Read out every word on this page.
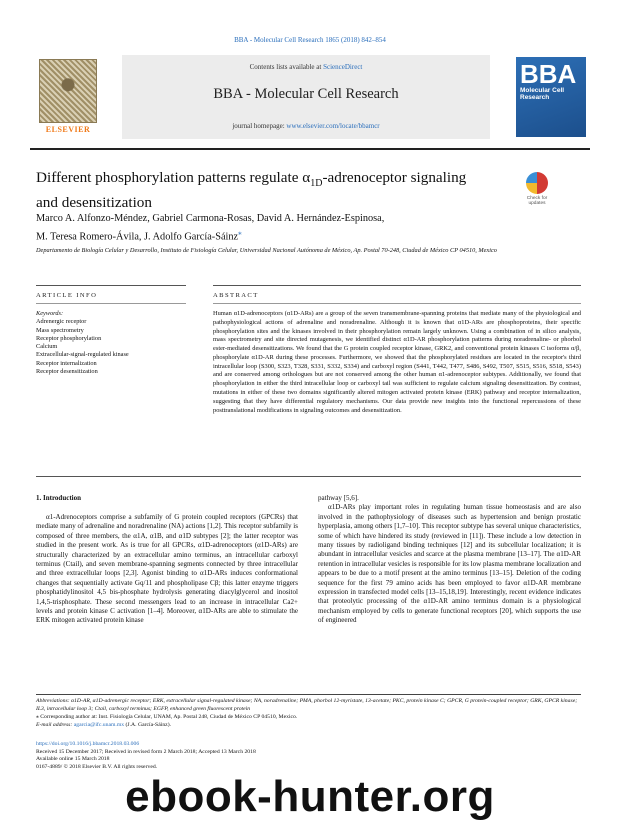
BBA - Molecular Cell Research 1865 (2018) 842–854
ELSEVIER
Contents lists available at ScienceDirect
BBA - Molecular Cell Research
journal homepage: www.elsevier.com/locate/bbamcr
BBA
Molecular Cell Research
Different phosphorylation patterns regulate $\alpha_{1D}$-adrenoceptor signaling and desensitization	Check for updates
Marco A. Alfonzo-Méndez, Gabriel Carmona-Rosas, David A. Hernández-Espinosa,
M. Teresa Romero-Ávila, J. Adolfo García-Sáinz⁎
Departamento de Biología Celular y Desarrollo, Instituto de Fisiología Celular, Universidad Nacional Autónoma de México, Ap. Postal 70-248, Ciudad de México CP 04510, Mexico
ARTICLE INFO	ABSTRACT
Keywords:
Adrenergic receptor
Mass spectrometry
Receptor phosphorylation
Calcium
Extracellular-signal-regulated kinase
Receptor internalization
Receptor desensitization
Human α1D-adrenoceptors (α1D-ARs) are a group of the seven transmembrane-spanning proteins that mediate many of the physiological and pathophysiological actions of adrenaline and noradrenaline. Although it is known that α1D-ARs are phosphoproteins, their specific phosphorylation sites and the kinases involved in their phosphorylation remain largely unknown. Using a combination of in silico analysis, mass spectrometry and site directed mutagenesis, we identified distinct α1D-AR phosphorylation patterns during noradrenaline- or phorbol ester-mediated desensitizations. We found that the G protein coupled receptor kinase, GRK2, and conventional protein kinases C isoforms α/β, phosphorylate α1D-AR during these processes. Furthermore, we showed that the phosphorylated residues are located in the receptor's third intracellular loop (S300, S323, T328, S331, S332, S334) and carboxyl region (S441, T442, T477, S486, S492, T507, S515, S516, S518, S543) and are conserved among orthologues but are not conserved among the other human α1-adrenoceptor subtypes. Additionally, we found that phosphorylation in either the third intracellular loop or carboxyl tail was sufficient to regulate calcium signaling desensitization. By contrast, mutations in either of these two domains significantly altered mitogen activated protein kinase (ERK) pathway and receptor internalization, suggesting that they have differential regulatory mechanisms. Our data provide new insights into the functional repercussions of these posttranslational modifications in signaling outcomes and desensitization.
1. Introduction

α1-Adrenoceptors comprise a subfamily of G protein coupled receptors (GPCRs) that mediate many of adrenaline and noradrenaline (NA) actions [1,2]. This receptor subfamily is composed of three members, the α1A, α1B, and α1D subtypes [2]; the latter receptor was studied in the present work. As is true for all GPCRs, α1D-adrenoceptors (α1D-ARs) are structurally characterized by an extracellular amino terminus, an intracellular carboxyl terminus (Ctail), and seven membrane-spanning segments connected by three intracellular and three extracellular loops [2,3]. Agonist binding to α1D-ARs induces conformational changes that sequentially activate Gq/11 and phospholipase Cβ; this latter enzyme triggers phosphatidylinositol 4,5 bis-phosphate hydrolysis generating diacylglycerol and inositol 1,4,5-trisphosphate. These second messengers lead to an increase in intracellular Ca2+ levels and protein kinase C activation [1–4]. Moreover, α1D-ARs are able to stimulate the ERK mitogen activated protein kinase

pathway [5,6].

α1D-ARs play important roles in regulating human tissue homeostasis and are also involved in the pathophysiology of diseases such as hypertension and benign prostatic hyperplasia, among others [1,7–10]. This receptor subtype has several unique characteristics, some of which have hindered its study (reviewed in [11]). These include a low detection in many tissues by radioligand binding techniques [12] and its subcellular localization; it is abundant in intracellular vesicles and scarce at the plasma membrane [13–17]. The α1D-AR retention in intracellular vesicles is responsible for its low plasma membrane localization and appears to be due to a motif present at the amino terminus [13–15]. Deletion of the coding sequence for the first 79 amino acids has been employed to favor α1D-AR membrane expression in transfected model cells [13–15,18,19]. Interestingly, recent evidence indicates that proteolytic processing of the α1D-AR amino terminus domain is a physiological mechanism employed by cells to generate functional receptors [20], which supports the use of engineered

Abbreviations: α1D-AR, α1D-adrenergic receptor; ERK, extracellular signal-regulated kinase; NA, noradrenaline; PMA, phorbol 12-myristate, 13-acetate; PKC, protein kinase C; GPCR, G protein-coupled receptor; GRK, GPCR kinase; IL3, intracellular loop 3; Ctail, carboxyl terminus; EGFP, enhanced green fluorescent protein
⁎ Corresponding author at: Inst. Fisiología Celular, UNAM, Ap. Postal 248, Ciudad de México CP 04510, Mexico.
E-mail address: agarcia@ifc.unam.mx (J.A. García-Sáinz).
https://doi.org/10.1016/j.bbamcr.2018.03.006
Received 15 December 2017; Received in revised form 2 March 2018; Accepted 13 March 2018
Available online 15 March 2018
0167-4889/ © 2018 Elsevier B.V. All rights reserved.
ebook-hunter.org
